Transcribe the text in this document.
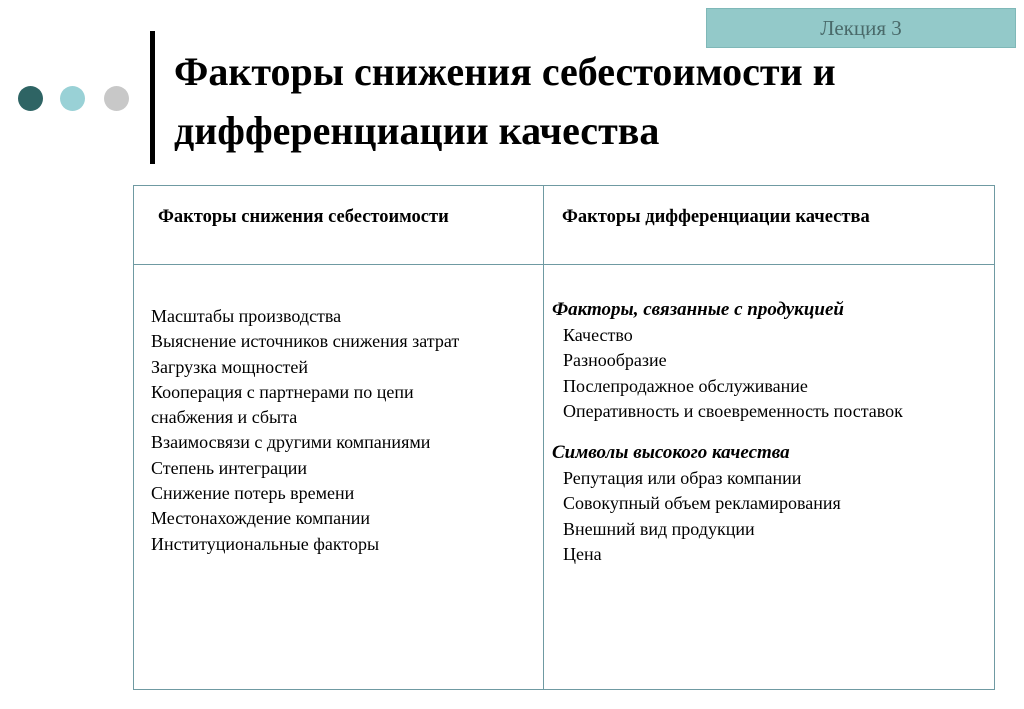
Лекция 3
Факторы снижения себестоимости и
дифференциации качества
Факторы снижения себестоимости	Факторы дифференциации качества
Масштабы производства
Выяснение источников снижения затрат
Загрузка мощностей
Кооперация с партнерами по цепи
снабжения и сбыта
Взаимосвязи с другими компаниями
Степень интеграции
Снижение потерь времени
Местонахождение компании
Институциональные факторы
Факторы, связанные с продукцией
Качество
Разнообразие
Послепродажное обслуживание
Оперативность и своевременность поставок
Символы высокого качества
Репутация или образ компании
Совокупный объем рекламирования
Внешний вид продукции
Цена
